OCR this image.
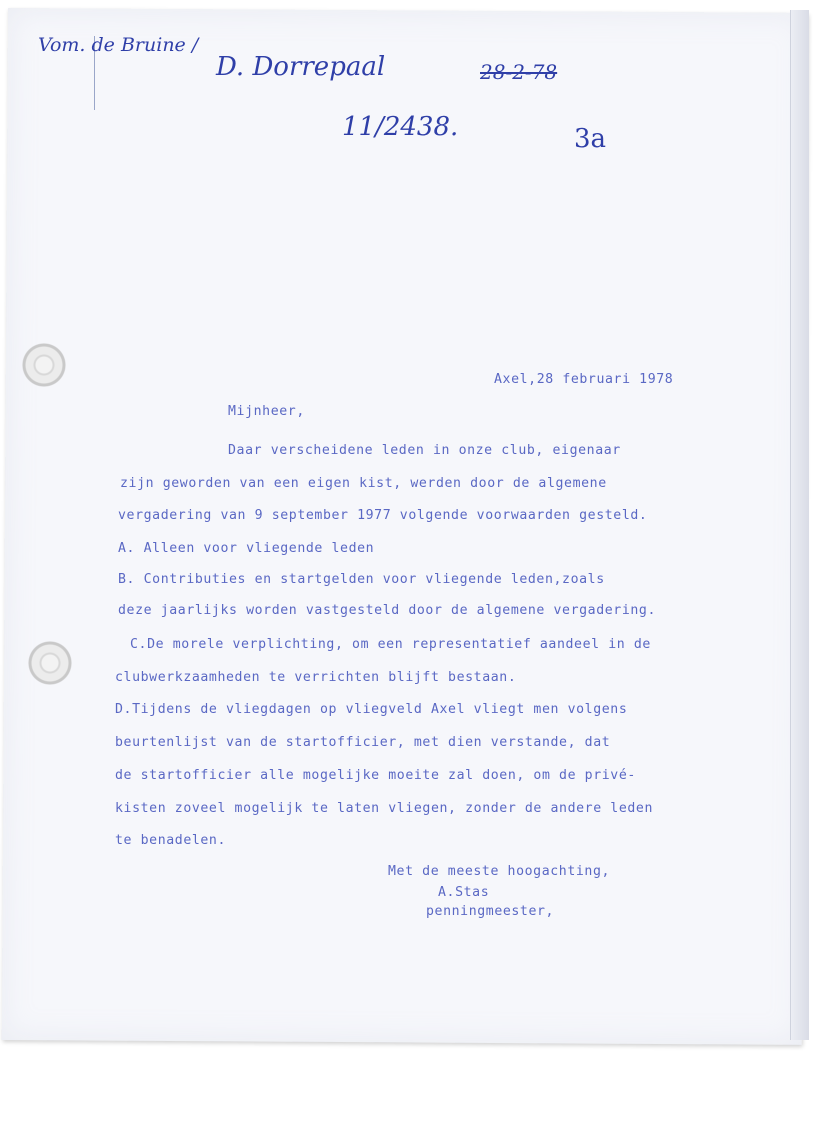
Vom. de Bruine /
D. Dorrepaal	28-2-78
11/2438.	3a
Axel,28 februari 1978
Mijnheer,
Daar verscheidene leden in onze club, eigenaar
zijn geworden van een eigen kist, werden door de algemene
vergadering van 9 september 1977 volgende voorwaarden gesteld.
A. Alleen voor vliegende leden
B. Contributies en startgelden voor vliegende leden,zoals
deze jaarlijks worden vastgesteld door de algemene vergadering.
C.De morele verplichting, om een representatief aandeel in de
clubwerkzaamheden te verrichten blijft bestaan.
D.Tijdens de vliegdagen op vliegveld Axel vliegt men volgens
beurtenlijst van de startofficier, met dien verstande, dat
de startofficier alle mogelijke moeite zal doen, om de privé-
kisten zoveel mogelijk te laten vliegen, zonder de andere leden
te benadelen.
Met de meeste hoogachting,
A.Stas
penningmeester,
